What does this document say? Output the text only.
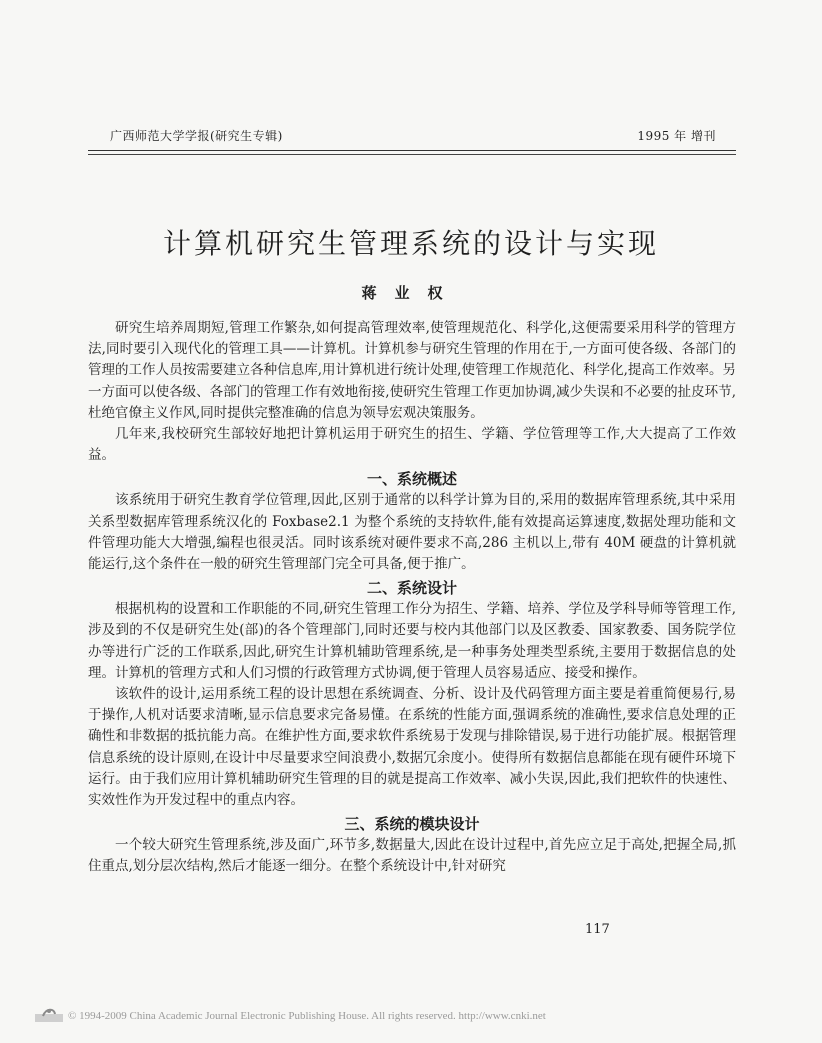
广西师范大学学报(研究生专辑)	1995 年 增刊
计算机研究生管理系统的设计与实现
蒋业权

研究生培养周期短,管理工作繁杂,如何提高管理效率,使管理规范化、科学化,这便需要采用科学的管理方法,同时要引入现代化的管理工具——计算机。计算机参与研究生管理的作用在于,一方面可使各级、各部门的管理的工作人员按需要建立各种信息库,用计算机进行统计处理,使管理工作规范化、科学化,提高工作效率。另一方面可以使各级、各部门的管理工作有效地衔接,使研究生管理工作更加协调,减少失误和不必要的扯皮环节,杜绝官僚主义作风,同时提供完整准确的信息为领导宏观决策服务。

几年来,我校研究生部较好地把计算机运用于研究生的招生、学籍、学位管理等工作,大大提高了工作效益。

一、系统概述

该系统用于研究生教育学位管理,因此,区别于通常的以科学计算为目的,采用的数据库管理系统,其中采用关系型数据库管理系统汉化的 Foxbase2.1 为整个系统的支持软件,能有效提高运算速度,数据处理功能和文件管理功能大大增强,编程也很灵活。同时该系统对硬件要求不高,286 主机以上,带有 40M 硬盘的计算机就能运行,这个条件在一般的研究生管理部门完全可具备,便于推广。

二、系统设计

根据机构的设置和工作职能的不同,研究生管理工作分为招生、学籍、培养、学位及学科导师等管理工作,涉及到的不仅是研究生处(部)的各个管理部门,同时还要与校内其他部门以及区教委、国家教委、国务院学位办等进行广泛的工作联系,因此,研究生计算机辅助管理系统,是一种事务处理类型系统,主要用于数据信息的处理。计算机的管理方式和人们习惯的行政管理方式协调,便于管理人员容易适应、接受和操作。

该软件的设计,运用系统工程的设计思想在系统调查、分析、设计及代码管理方面主要是着重简便易行,易于操作,人机对话要求清晰,显示信息要求完备易懂。在系统的性能方面,强调系统的准确性,要求信息处理的正确性和非数据的抵抗能力高。在维护性方面,要求软件系统易于发现与排除错误,易于进行功能扩展。根据管理信息系统的设计原则,在设计中尽量要求空间浪费小,数据冗余度小。使得所有数据信息都能在现有硬件环境下运行。由于我们应用计算机辅助研究生管理的目的就是提高工作效率、减小失误,因此,我们把软件的快速性、实效性作为开发过程中的重点内容。

三、系统的模块设计

一个较大研究生管理系统,涉及面广,环节多,数据量大,因此在设计过程中,首先应立足于高处,把握全局,抓住重点,划分层次结构,然后才能逐一细分。在整个系统设计中,针对研究

117
© 1994-2009 China Academic Journal Electronic Publishing House. All rights reserved. http://www.cnki.net
